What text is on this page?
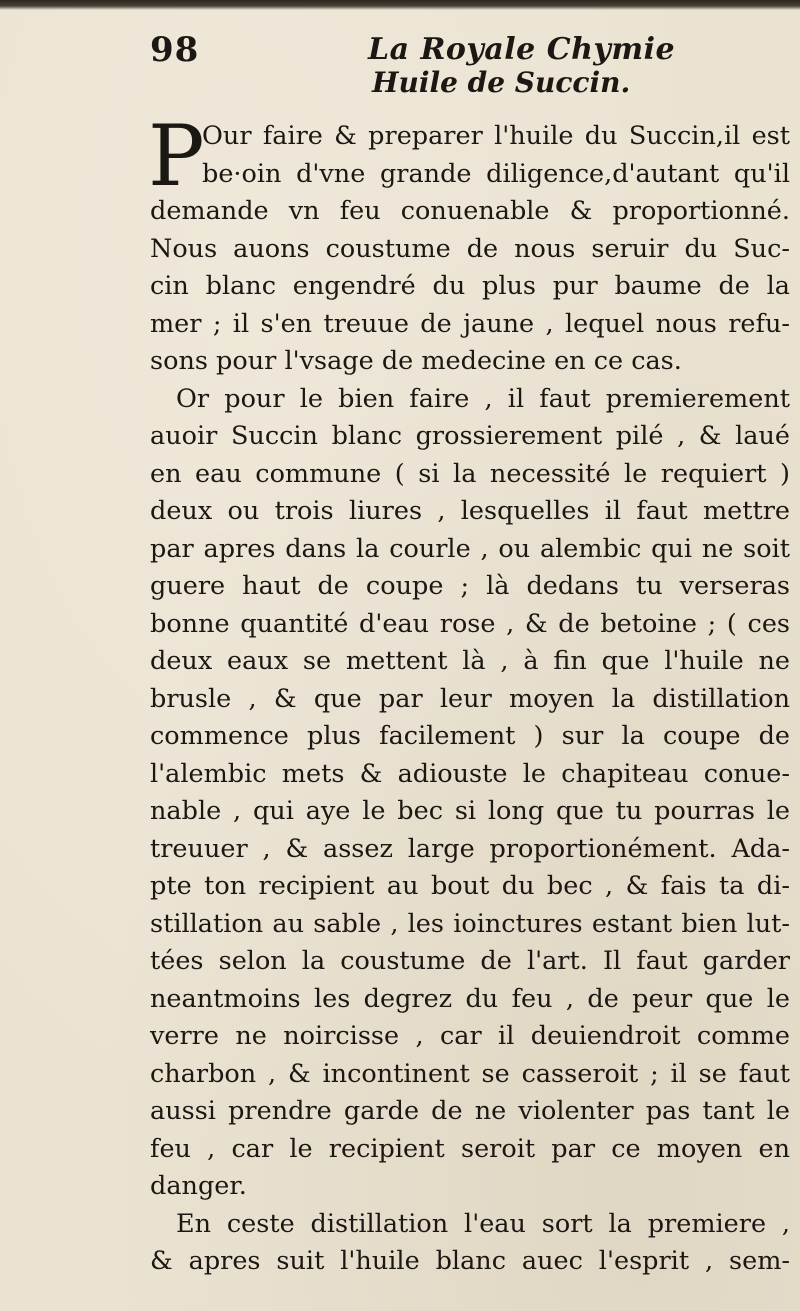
98	La Royale Chymie
Huile de Succin.
P
Our faire & preparer l'huile du Succin,il est
be·oin d'vne grande diligence,d'autant qu'il
demande vn feu conuenable & proportionné.
Nous auons coustume de nous seruir du Suc-
cin blanc engendré du plus pur baume de la
mer ; il s'en treuue de jaune , lequel nous refu-
sons pour l'vsage de medecine en ce cas.
Or pour le bien faire , il faut premierement
auoir Succin blanc grossierement pilé , & laué
en eau commune ( si la necessité le requiert )
deux ou trois liures , lesquelles il faut mettre
par apres dans la courle , ou alembic qui ne soit
guere haut de coupe ; là dedans tu verseras
bonne quantité d'eau rose , & de betoine ; ( ces
deux eaux se mettent là , à fin que l'huile ne
brusle , & que par leur moyen la distillation
commence plus facilement ) sur la coupe de
l'alembic mets & adiouste le chapiteau conue-
nable , qui aye le bec si long que tu pourras le
treuuer , & assez large proportionément. Ada-
pte ton recipient au bout du bec , & fais ta di-
stillation au sable , les ioinctures estant bien lut-
tées selon la coustume de l'art. Il faut garder
neantmoins les degrez du feu , de peur que le
verre ne noircisse , car il deuiendroit comme
charbon , & incontinent se casseroit ; il se faut
aussi prendre garde de ne violenter pas tant le
feu , car le recipient seroit par ce moyen en
danger.
En ceste distillation l'eau sort la premiere ,
& apres suit l'huile blanc auec l'esprit , sem-
